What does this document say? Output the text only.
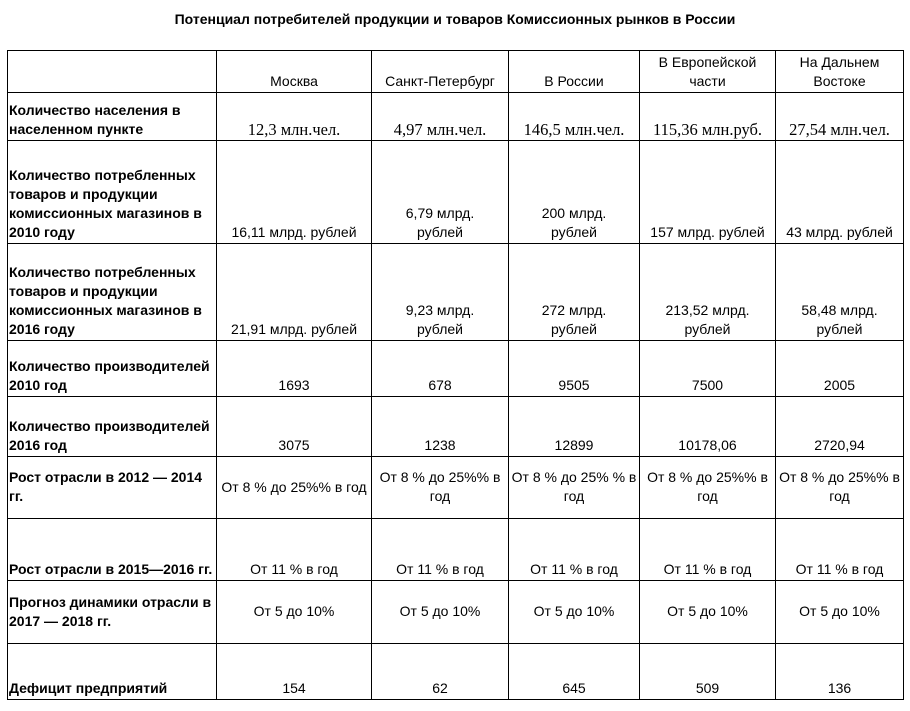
Потенциал потребителей продукции и товаров Комиссионных рынков в России
	Москва	Санкт-Петербург	В России	В Европейской части	На Дальнем Востоке
Количество населения в населенном пункте	12,3 млн.чел.	4,97 млн.чел.	146,5 млн.чел.	115,36 млн.руб.	27,54 млн.чел.
Количество потребленных товаров и продукции комиссионных магазинов в 2010 году	16,11 млрд. рублей	6,79 млрд. рублей	200 млрд. рублей	157 млрд. рублей	43 млрд. рублей
Количество потребленных товаров и продукции комиссионных магазинов в 2016 году	21,91 млрд. рублей	9,23 млрд. рублей	272 млрд. рублей	213,52 млрд. рублей	58,48 млрд. рублей
Количество производителей 2010 год	1693	678	9505	7500	2005
Количество производителей 2016 год	3075	1238	12899	10178,06	2720,94
Рост отрасли в 2012 — 2014 гг.	От 8 % до 25%% в год	От 8 % до 25%% в год	От 8 % до 25% % в год	От 8 % до 25%% в год	От 8 % до 25%% в год
Рост отрасли в 2015—2016 гг.	От 11 % в год	От 11 % в год	От 11 % в год	От 11 % в год	От 11 % в год
Прогноз динамики отрасли в 2017 — 2018 гг.	От 5 до 10%	От 5 до 10%	От 5 до 10%	От 5 до 10%	От 5 до 10%
Дефицит предприятий	154	62	645	509	136
